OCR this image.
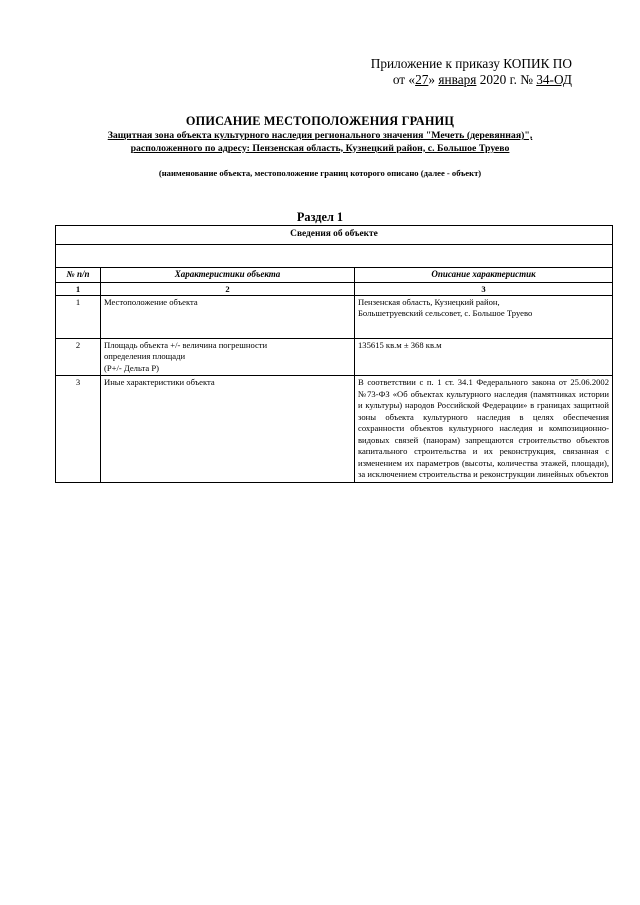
Приложение к приказу КОПИК ПО
от «27» января 2020 г. № 34-ОД
ОПИСАНИЕ МЕСТОПОЛОЖЕНИЯ ГРАНИЦ
Защитная зона объекта культурного наследия регионального значения "Мечеть (деревянная)",
расположенного по адресу: Пензенская область, Кузнецкий район, с. Большое Труево
(наименование объекта, местоположение границ которого описано (далее - объект)
Раздел 1
Сведения об объекте		

№ п/п	Характеристики объекта	Описание характеристик
1	2	3
1	Местоположение объекта	Пензенская область, Кузнецкий район,
Большетруевский сельсовет, с. Большое Труево

2	Площадь объекта +/- величина погрешности
определения площади
(P+/- Дельта P)	135615 кв.м ± 368 кв.м
3	Иные характеристики объекта	В соответствии с п. 1 ст. 34.1 Федерального закона от 25.06.2002 №73-ФЗ «Об объектах культурного наследия (памятниках истории и культуры) народов Российской Федерации» в границах защитной зоны объекта культурного наследия в целях обеспечения сохранности объектов культурного наследия и композиционно-видовых связей (панорам) запрещаются строительство объектов капитального строительства и их реконструкция, связанная с изменением их параметров (высоты, количества этажей, площади), за исключением строительства и реконструкции линейных объектов
